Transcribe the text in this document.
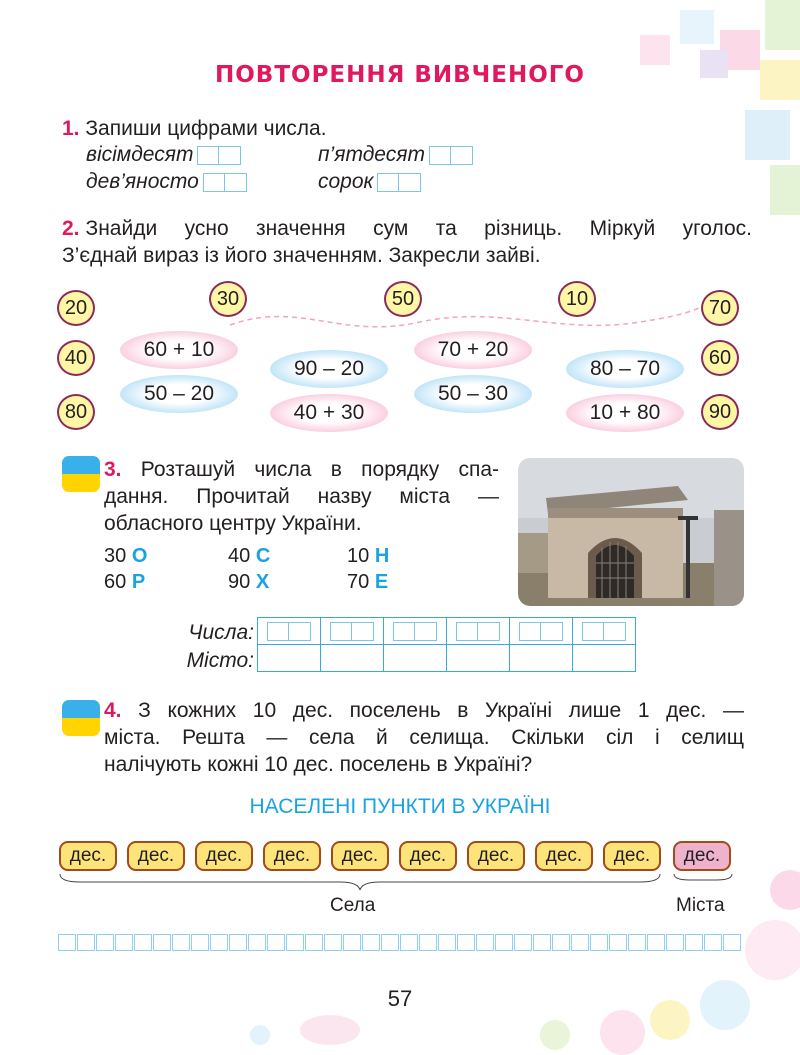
ПОВТОРЕННЯ ВИВЧЕНОГО
1. Запиши цифрами числа.
вісімдесят	п’ятдесят
дев’яносто	сорок
2. Знайди усно значення сум та різниць. Міркуй уголос.
З’єднай вираз із його значенням. Закресли зайві.
20	30	50	10	70
40	60
80	90
60 + 10
50 – 20
90 – 20
40 + 30
70 + 20
50 – 30
80 – 70
10 + 80
3. Розташуй числа в порядку спа-
дання. Прочитай назву міста —
обласного центру України.
30 О	40 С	10 Н
60 Р	90 Х	70 Е
Числа:
Місто:

4. З кожних 10 дес. поселень в Україні лише 1 дес. —
міста. Решта — села й селища. Скільки сіл і селищ
налічують кожні 10 дес. поселень в Україні?
НАСЕЛЕНІ ПУНКТИ В УКРАЇНІ
дес.	дес.	дес.	дес.	дес.	дес.	дес.	дес.	дес.	дес.
Села	Міста
57
